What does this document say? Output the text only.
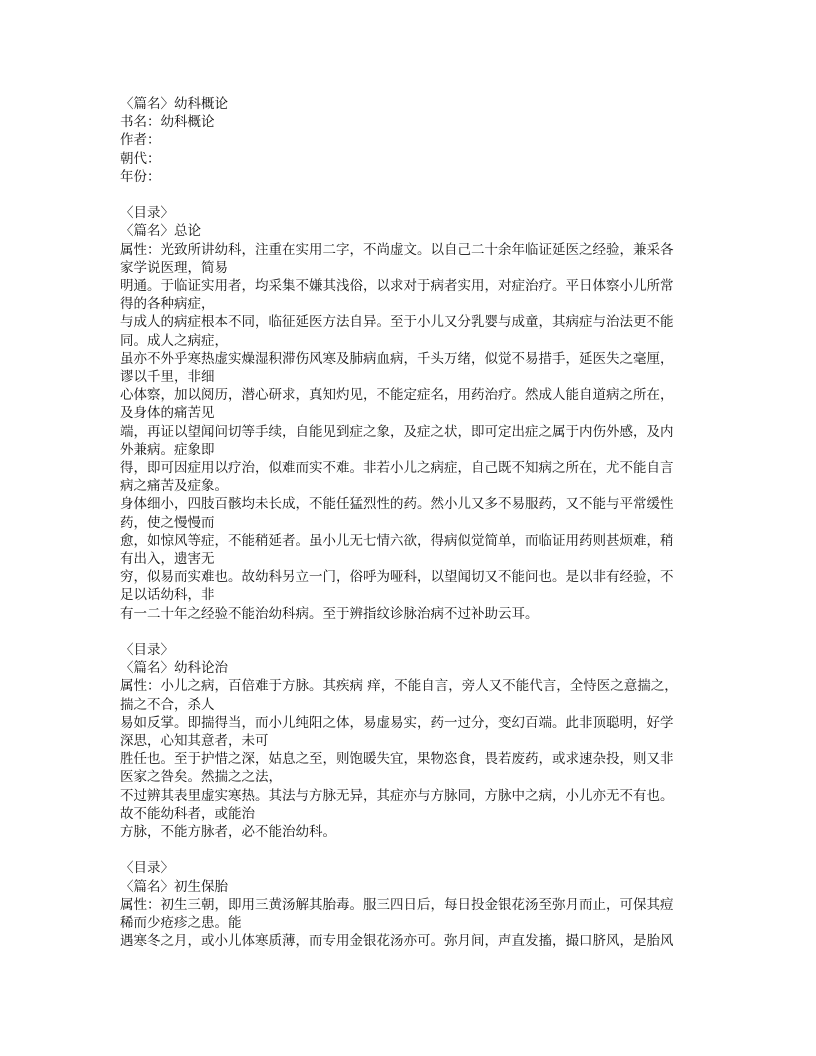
〈篇名〉幼科概论
书名：幼科概论
作者：
朝代：
年份：
〈目录〉
〈篇名〉总论
属性：光致所讲幼科，注重在实用二字，不尚虚文。以自己二十余年临证延医之经验，兼采各
家学说医理，简易
明通。于临证实用者，均采集不嫌其浅俗，以求对于病者实用，对症治疗。平日体察小儿所常
得的各种病症，
与成人的病症根本不同，临征延医方法自异。至于小儿又分乳婴与成童，其病症与治法更不能
同。成人之病症，
虽亦不外乎寒热虚实燥湿积滞伤风寒及肺病血病，千头万绪，似觉不易措手，延医失之毫厘，
谬以千里，非细
心体察，加以阅历，潜心研求，真知灼见，不能定症名，用药治疗。然成人能自道病之所在，
及身体的痛苦见
端，再证以望闻问切等手续，自能见到症之象，及症之状，即可定出症之属于内伤外感，及内
外兼病。症象即
得，即可因症用以疗治，似难而实不难。非若小儿之病症，自己既不知病之所在，尤不能自言
病之痛苦及症象。
身体细小，四肢百骸均未长成，不能任猛烈性的药。然小儿又多不易服药，又不能与平常缓性
药，使之慢慢而
愈，如惊风等症，不能稍延者。虽小儿无七情六欲，得病似觉简单，而临证用药则甚烦难，稍
有出入，遗害无
穷，似易而实难也。故幼科另立一门，俗呼为哑科，以望闻切又不能问也。是以非有经验，不
足以话幼科，非
有一二十年之经验不能治幼科病。至于辨指纹诊脉治病不过补助云耳。
〈目录〉
〈篇名〉幼科论治
属性：小儿之病，百倍难于方脉。其疾病 痒，不能自言，旁人又不能代言，全恃医之意揣之，
揣之不合，杀人
易如反掌。即揣得当，而小儿纯阳之体，易虚易实，药一过分，变幻百端。此非顶聪明，好学
深思，心知其意者，未可
胜任也。至于护惜之深，姑息之至，则饱暖失宜，果物恣食，畏若废药，或求速杂投，则又非
医家之咎矣。然揣之之法，
不过辨其表里虚实寒热。其法与方脉无异，其症亦与方脉同，方脉中之病，小儿亦无不有也。
故不能幼科者，或能治
方脉，不能方脉者，必不能治幼科。
〈目录〉
〈篇名〉初生保胎
属性：初生三朝，即用三黄汤解其胎毒。服三四日后，每日投金银花汤至弥月而止，可保其痘
稀而少疮疹之患。能
遇寒冬之月，或小儿体寒质薄，而专用金银花汤亦可。弥月间，声直发搐，撮口脐风，是胎风
